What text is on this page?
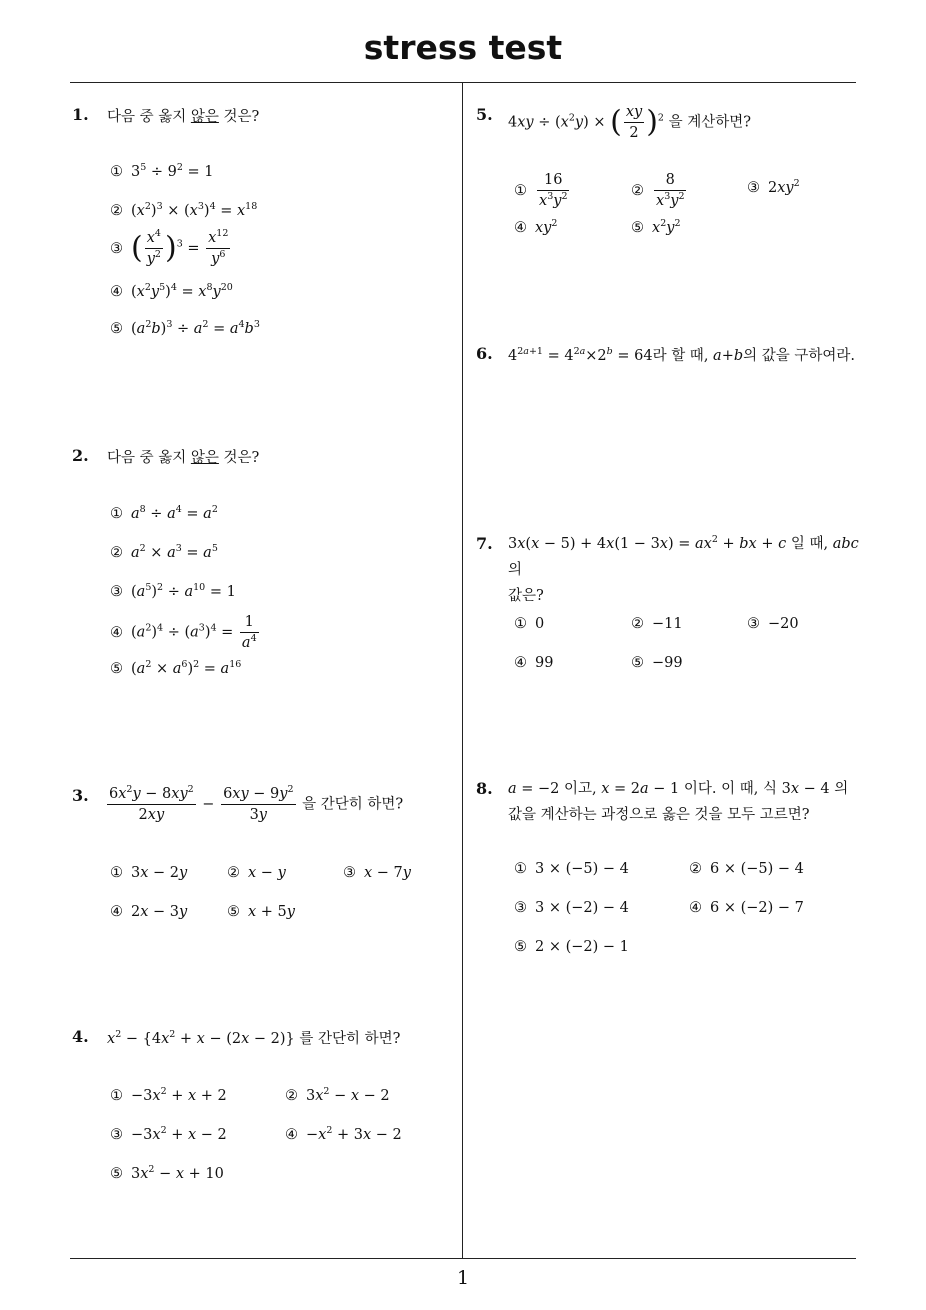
stress test
1
1. 다음 중 옳지 않은 것은?
① $3^5 \div 9^2 = 1$
② $(x^2)^3 \times (x^3)^4 = x^{18}$
③ ( $\frac{x^4}{y^2} )^3 = \frac{x^{12}}{y^6}$
④ $(x^2y^5)^4 = x^8y^{20}$
⑤ $(a^2b)^3 \div a^2 = a^4b^3$
2. 다음 중 옳지 않은 것은?
① $a^8 \div a^4 = a^2$
② $a^2 \times a^3 = a^5$
③ $(a^5)^2 \div a^{10} = 1$
④ $(a^2)^4 \div (a^3)^4 = \frac{1}{a^4}$
⑤ $(a^2 \times a^6)^2 = a^{16}$
3. $\frac{6x^2y - 8xy^2}{2xy} - \frac{6xy - 9y^2}{3y}$ 을 간단히 하면?
① 3x − 2y	② x − y	③ x − 7y
④ 2x − 3y	⑤ x + 5y
4. $x^2 - \{4x^2 + x - (2x - 2)\}$ 를 간단히 하면?
① $-3x^2 + x + 2$	② $3x^2 - x - 2$
③ $-3x^2 + x - 2$	④ $-x^2 + 3x - 2$
⑤ $3x^2 - x + 10$
5. $4xy \div (x^2y)$ × ( $\frac{xy}{2} )^2$ 을 계산하면?
① $\frac{16}{x^3y^2}$	② $\frac{8}{x^3y^2}$	③ $2xy^2$
④ $xy^2$	⑤ $x^2y^2$
6. $4^{2a+1} = 4^{2a}\times 2^b = 64$라 할 때, a+b의 값을 구하여라.
7. $3x(x - 5) + 4x(1 - 3x) = ax^2$ + bx + c 일 때, abc 의
값은?
① 0	② −11	③ −20
④ 99	⑤ −99
8. a = −2 이고, x = 2a − 1 이다. 이 때, 식 3x − 4 의
값을 계산하는 과정으로 옳은 것을 모두 고르면?
① 3 × (−5) − 4	② 6 × (−5) − 4
③ 3 × (−2) − 4	④ 6 × (−2) − 7
⑤ 2 × (−2) − 1
